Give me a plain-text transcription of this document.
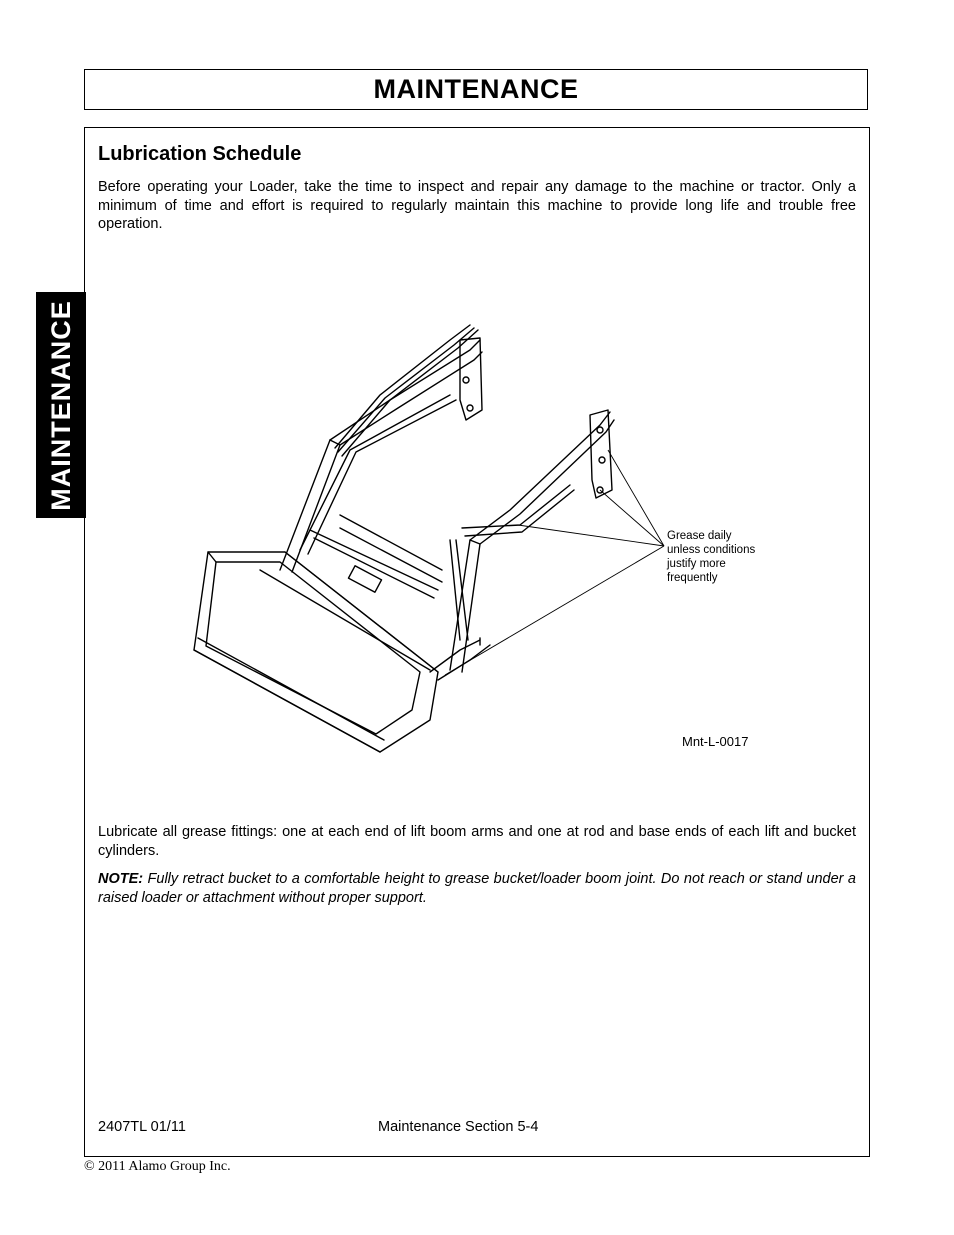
MAINTENANCE
MAINTENANCE
Lubrication Schedule

Before operating your Loader, take the time to inspect and repair any damage to the machine or tractor. Only a minimum of time and effort is required to regularly maintain this machine to provide long life and trouble free operation.

Grease daily
unless conditions
justify more
frequently
Mnt-L-0017

Lubricate all grease fittings: one at each end of lift boom arms and one at rod and base ends of each lift and bucket cylinders.

NOTE: Fully retract bucket to a comfortable height to grease bucket/loader boom joint. Do not reach or stand under a raised loader or attachment without proper support.

2407TL 01/11	Maintenance Section 5-4
© 2011 Alamo Group Inc.
